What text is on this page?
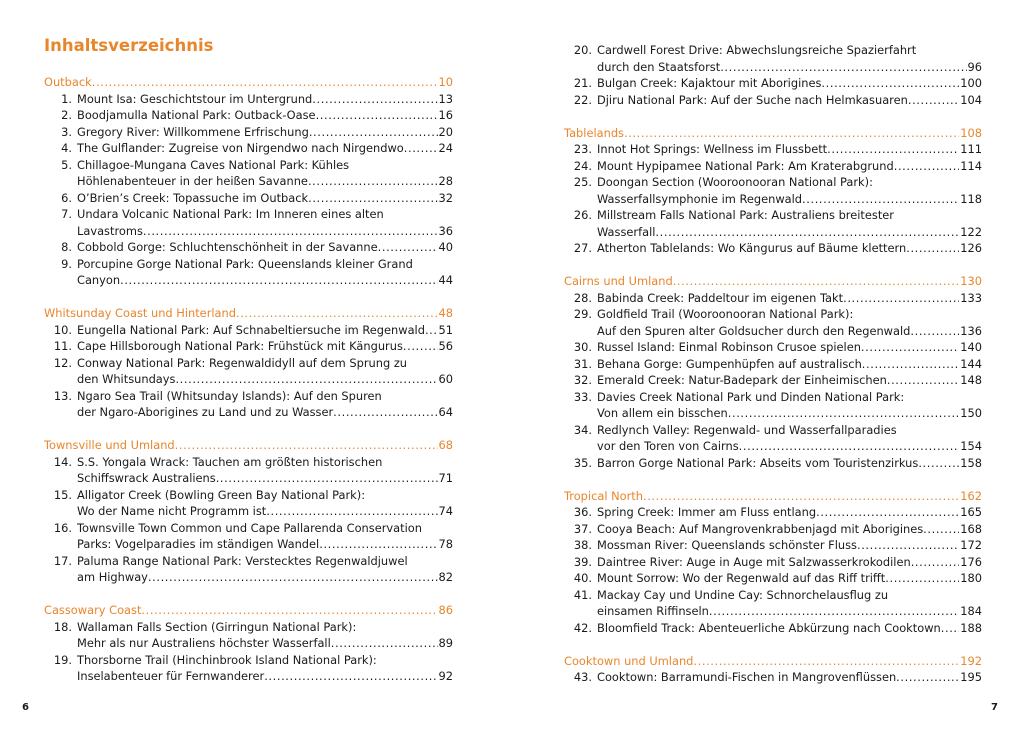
Inhaltsverzeichnis
Outback .....	10
1. Mount Isa: Geschichtstour im Untergrund .....	13
2. Boodjamulla National Park: Outback-Oase .....	16
3. Gregory River: Willkommene Erfrischung .....	20
4. The Gulflander: Zugreise von Nirgendwo nach Nirgendwo .....	24
5. Chillagoe-Mungana Caves National Park: Kühles
Höhlenabenteuer in der heißen Savanne .....	28
6. O’Brien’s Creek: Topassuche im Outback .....	32
7. Undara Volcanic National Park: Im Inneren eines alten
Lavastroms .....	36
8. Cobbold Gorge: Schluchtenschönheit in der Savanne .....	40
9. Porcupine Gorge National Park: Queenslands kleiner Grand
Canyon .....	44
Whitsunday Coast und Hinterland .....	48
10. Eungella National Park: Auf Schnabeltiersuche im Regenwald ..... 51
11. Cape Hillsborough National Park: Frühstück mit Kängurus .....	56
12. Conway National Park: Regenwaldidyll auf dem Sprung zu
den Whitsundays .....	60
13. Ngaro Sea Trail (Whitsunday Islands): Auf den Spuren
der Ngaro-Aborigines zu Land und zu Wasser .....	64
Townsville und Umland .....	68
14. S.S. Yongala Wrack: Tauchen am größten historischen
Schiffswrack Australiens .....	71
15. Alligator Creek (Bowling Green Bay National Park):
Wo der Name nicht Programm ist .....	74
16. Townsville Town Common und Cape Pallarenda Conservation
Parks: Vogelparadies im ständigen Wandel .....	78
17. Paluma Range National Park: Verstecktes Regenwaldjuwel
am Highway .....	82
Cassowary Coast .....	86
18. Wallaman Falls Section (Girringun National Park):
Mehr als nur Australiens höchster Wasserfall .....	89
19. Thorsborne Trail (Hinchinbrook Island National Park):
Inselabenteuer für Fernwanderer .....	92
6
20. Cardwell Forest Drive: Abwechslungsreiche Spazierfahrt
durch den Staatsforst .....	96
21. Bulgan Creek: Kajaktour mit Aborigines .....	100
22. Djiru National Park: Auf der Suche nach Helmkasuaren .....	104
Tablelands .....	108
23. Innot Hot Springs: Wellness im Flussbett .....	111
24. Mount Hypipamee National Park: Am Kraterabgrund .....	114
25. Doongan Section (Wooroonooran National Park):
Wasserfallsymphonie im Regenwald .....	118
26. Millstream Falls National Park: Australiens breitester
Wasserfall .....	122
27. Atherton Tablelands: Wo Kängurus auf Bäume klettern .....	126
Cairns und Umland .....	130
28. Babinda Creek: Paddeltour im eigenen Takt .....	133
29. Goldfield Trail (Wooroonooran National Park):
Auf den Spuren alter Goldsucher durch den Regenwald .....	136
30. Russel Island: Einmal Robinson Crusoe spielen .....	140
31. Behana Gorge: Gumpenhüpfen auf australisch .....	144
32. Emerald Creek: Natur-Badepark der Einheimischen .....	148
33. Davies Creek National Park und Dinden National Park:
Von allem ein bisschen .....	150
34. Redlynch Valley: Regenwald- und Wasserfallparadies
vor den Toren von Cairns .....	154
35. Barron Gorge National Park: Abseits vom Touristenzirkus .....	158
Tropical North .....	162
36. Spring Creek: Immer am Fluss entlang .....	165
37. Cooya Beach: Auf Mangrovenkrabbenjagd mit Aborigines .....	168
38. Mossman River: Queenslands schönster Fluss .....	172
39. Daintree River: Auge in Auge mit Salzwasserkrokodilen .....	176
40. Mount Sorrow: Wo der Regenwald auf das Riff trifft .....	180
41. Mackay Cay und Undine Cay: Schnorchelausflug zu
einsamen Riffinseln .....	184
42. Bloomfield Track: Abenteuerliche Abkürzung nach Cooktown ..... 188
Cooktown und Umland .....	192
43. Cooktown: Barramundi-Fischen in Mangrovenflüssen .....	195
7
